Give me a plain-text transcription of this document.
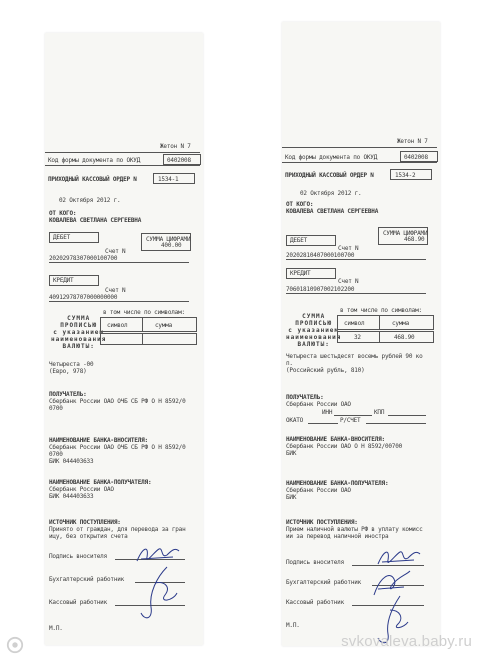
Жетон N 7
Код формы документа по ОКУД	0402008
ПРИХОДНЫЙ КАССОВЫЙ ОРДЕР N	1534-1
02 Октября 2012 г.
ОТ КОГО:
КОВАЛЕВА СВЕТЛАНА СЕРГЕЕВНА
ДЕБЕТ	СУММА ЦИФРАМИ
400.00
Счет N
20202978307000100700
КРЕДИТ
Счет N
40912978707000000000
в том числе по символам:
СУММА
ПРОПИСЬЮ
с указанием
наименования
ВАЛЮТЫ:
символ	сумма
Четыреста -00
(Евро, 978)
ПОЛУЧАТЕЛЬ:
Сбербанк России ОАО ОЧБ СБ РФ О Н 8592/0
0700
НАИМЕНОВАНИЕ БАНКА-ВНОСИТЕЛЯ:
Сбербанк России ОАО ОЧБ СБ РФ О Н 8592/0
0700
БИК 044403633
НАИМЕНОВАНИЕ БАНКА-ПОЛУЧАТЕЛЯ:
Сбербанк России ОАО
БИК 044403633
ИСТОЧНИК ПОСТУПЛЕНИЯ:
Принято от граждан, для перевода за гран
ицу, без открытия счета
Подпись вносителя
Бухгалтерский работник
Кассовый работник
М.П.
Жетон N 7
Код формы документа по ОКУД	0402008
ПРИХОДНЫЙ КАССОВЫЙ ОРДЕР N	1534-2
02 Октября 2012 г.
ОТ КОГО:
КОВАЛЕВА СВЕТЛАНА СЕРГЕЕВНА
ДЕБЕТ
СУММА ЦИФРАМИ
468.90
Счет N
20202810407000100700
КРЕДИТ
Счет N
70601810907002102200
в том числе по символам:
СУММА
ПРОПИСЬЮ
с указанием
наименования
ВАЛЮТЫ:
символ	сумма
32	468.90
Четыреста шестьдесят восемь рублей 90 ко
п.
(Российский рубль, 810)
ПОЛУЧАТЕЛЬ:
Сбербанк России ОАО
ИНН	КПП
ОКАТО	Р/СЧЕТ
НАИМЕНОВАНИЕ БАНКА-ВНОСИТЕЛЯ:
Сбербанк России ОАО О Н 8592/00700
БИК
НАИМЕНОВАНИЕ БАНКА-ПОЛУЧАТЕЛЯ:
Сбербанк России ОАО
БИК
ИСТОЧНИК ПОСТУПЛЕНИЯ:
Прием наличной валюты РФ в уплату комисс
ии за перевод наличной иностра
Подпись вносителя
Бухгалтерский работник
Кассовый работник
М.П.
svkovaleva.baby.ru
